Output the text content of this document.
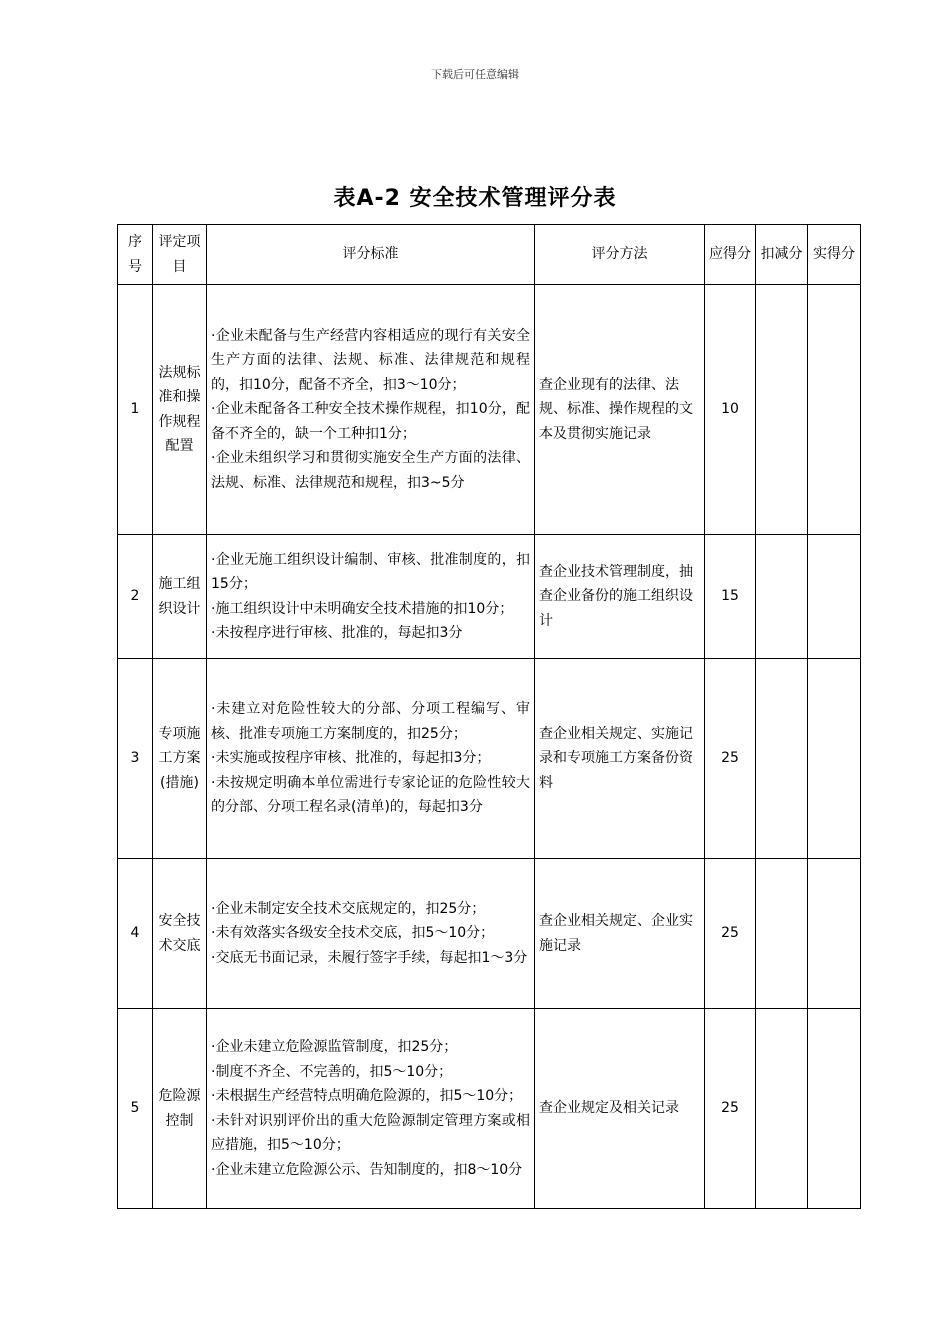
下载后可任意编辑
表A-2 安全技术管理评分表
序号	评定项目	评分标准	评分方法	应得分	扣减分	实得分
1	法规标准和操作规程配置	·企业未配备与生产经营内容相适应的现行有关安全生产方面的法律、法规、标准、法律规范和规程的，扣10分，配备不齐全，扣3～10分；
·企业未配备各工种安全技术操作规程，扣10分，配备不齐全的，缺一个工种扣1分；
·企业未组织学习和贯彻实施安全生产方面的法律、法规、标准、法律规范和规程，扣3~5分	查企业现有的法律、法规、标准、操作规程的文本及贯彻实施记录	10		
2	施工组织设计	·企业无施工组织设计编制、审核、批准制度的，扣15分；
·施工组织设计中未明确安全技术措施的扣10分；
·未按程序进行审核、批准的，每起扣3分	查企业技术管理制度，抽查企业备份的施工组织设计	15		
3	专项施工方案(措施)	·未建立对危险性较大的分部、分项工程编写、审核、批准专项施工方案制度的，扣25分；
·未实施或按程序审核、批准的，每起扣3分；
·未按规定明确本单位需进行专家论证的危险性较大的分部、分项工程名录(清单)的，每起扣3分	查企业相关规定、实施记录和专项施工方案备份资料	25		
4	安全技术交底	·企业未制定安全技术交底规定的，扣25分；
·未有效落实各级安全技术交底，扣5～10分；
·交底无书面记录，未履行签字手续，每起扣1～3分	查企业相关规定、企业实施记录	25		
5	危险源控制	·企业未建立危险源监管制度，扣25分；
·制度不齐全、不完善的，扣5～10分；
·未根据生产经营特点明确危险源的，扣5～10分；
·未针对识别评价出的重大危险源制定管理方案或相应措施，扣5～10分；
·企业未建立危险源公示、告知制度的，扣8～10分	查企业规定及相关记录	25		
